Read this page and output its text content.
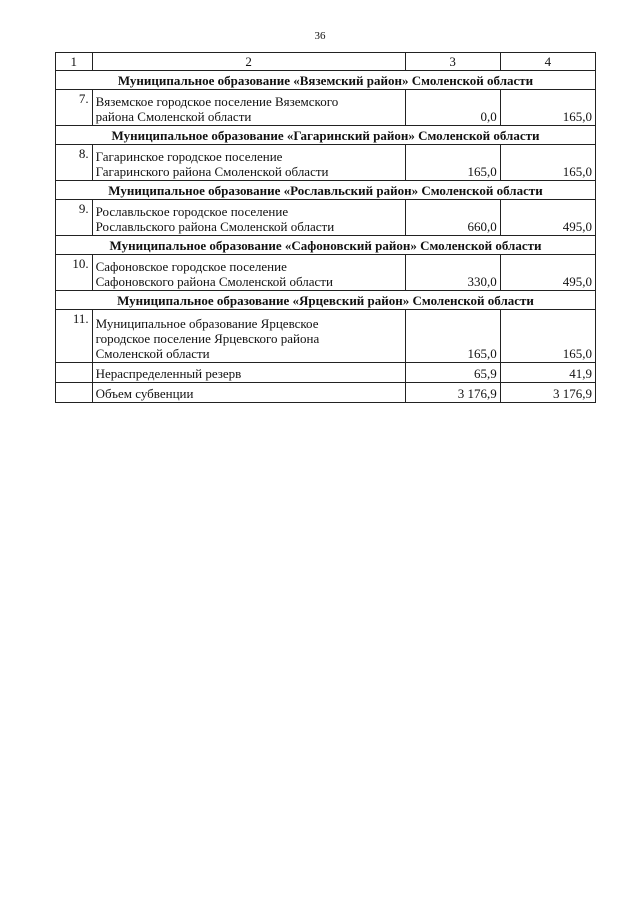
36
1	2	3	4
Муниципальное образование «Вяземский район» Смоленской области			
7.	Вяземское городское поселение Вяземского
района Смоленской области	0,0	165,0
Муниципальное образование «Гагаринский район» Смоленской области			
8.	Гагаринское городское поселение
Гагаринского района Смоленской области	165,0	165,0
Муниципальное образование «Рославльский район» Смоленской области			
9.	Рославльское городское поселение
Рославльского района Смоленской области	660,0	495,0
Муниципальное образование «Сафоновский район» Смоленской области			
10.	Сафоновское городское поселение
Сафоновского района Смоленской области	330,0	495,0
Муниципальное образование «Ярцевский район» Смоленской области			
11.	Муниципальное образование Ярцевское
городское поселение Ярцевского района
Смоленской области	165,0	165,0
	Нераспределенный резерв	65,9	41,9
	Объем субвенции	3 176,9	3 176,9
